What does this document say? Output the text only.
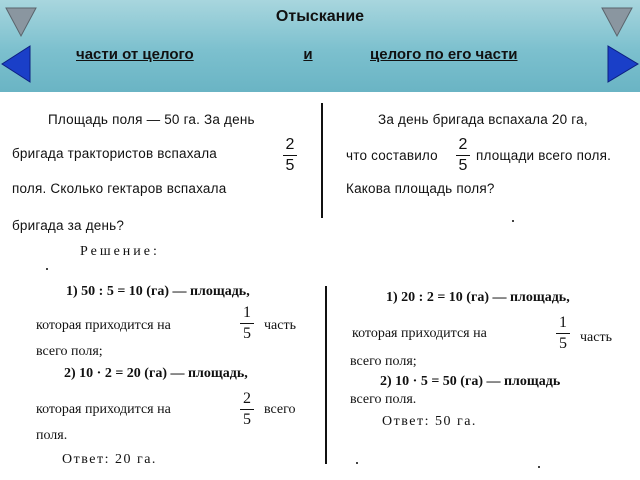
Отыскание
части от целого	и	целого по его части
Площадь поля — 50 га. За день
бригада трактористов вспахала
2
5
поля. Сколько гектаров вспахала
бригада за день?
За день бригада вспахала 20 га,
что составило
2
5
площади всего поля.
Какова площадь поля?
Решение:
1) 50 : 5 = 10 (га) — площадь,
которая приходится на
1
5 часть
всего поля;
2) 10 · 2 = 20 (га) — площадь,
которая приходится на
2
5
всего
поля.
Ответ: 20 га.
1) 20 : 2 = 10 (га) — площадь,
которая приходится на
1
5 часть
всего поля;
2) 10 · 5 = 50 (га) — площадь
всего поля.
Ответ: 50 га.
